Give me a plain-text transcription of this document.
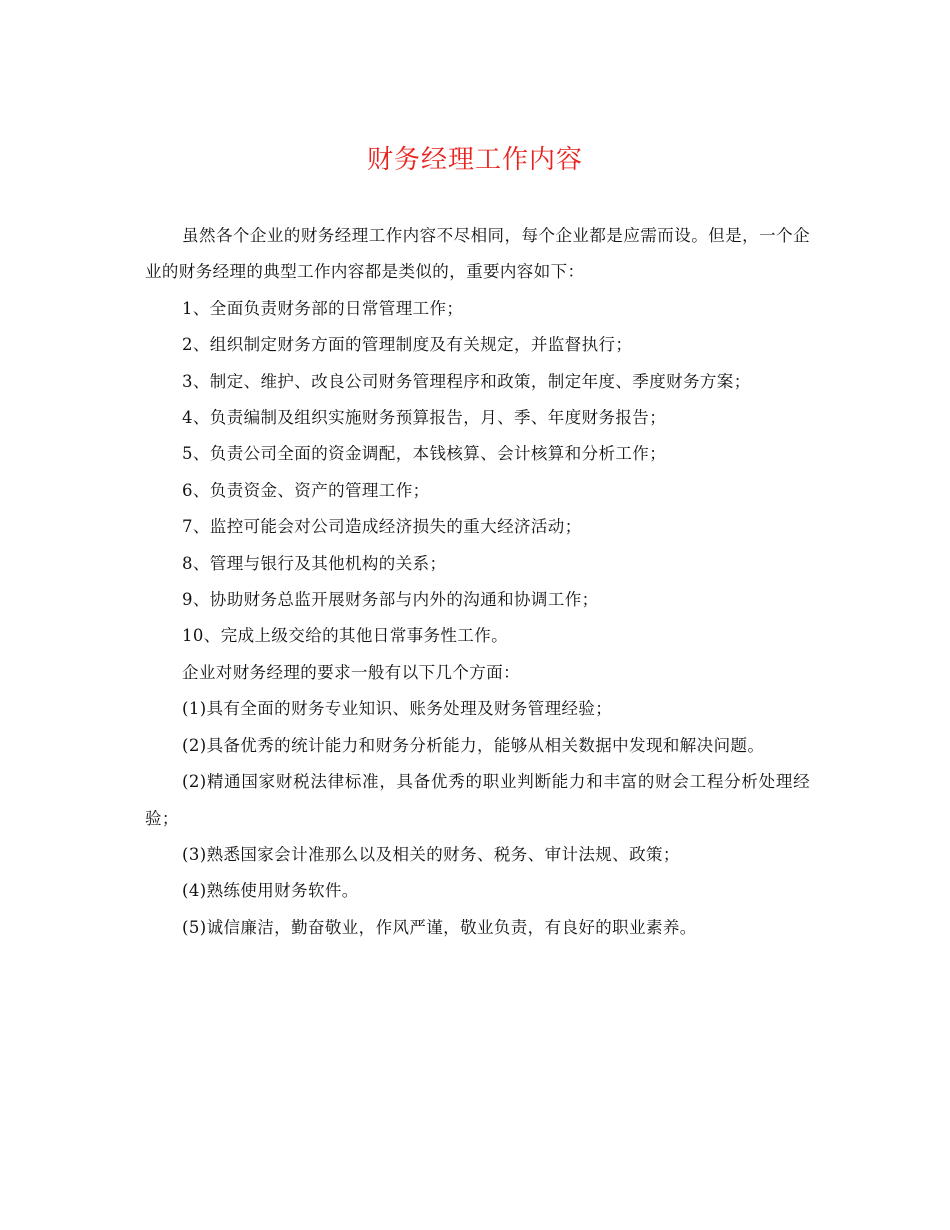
财务经理工作内容

虽然各个企业的财务经理工作内容不尽相同，每个企业都是应需而设。但是，一个企业的财务经理的典型工作内容都是类似的，重要内容如下：

1、全面负责财务部的日常管理工作；

2、组织制定财务方面的管理制度及有关规定，并监督执行；

3、制定、维护、改良公司财务管理程序和政策，制定年度、季度财务方案；

4、负责编制及组织实施财务预算报告，月、季、年度财务报告；

5、负责公司全面的资金调配，本钱核算、会计核算和分析工作；

6、负责资金、资产的管理工作；

7、监控可能会对公司造成经济损失的重大经济活动；

8、管理与银行及其他机构的关系；

9、协助财务总监开展财务部与内外的沟通和协调工作；

10、完成上级交给的其他日常事务性工作。

企业对财务经理的要求一般有以下几个方面：

(1)具有全面的财务专业知识、账务处理及财务管理经验；

(2)具备优秀的统计能力和财务分析能力，能够从相关数据中发现和解决问题。

(2)精通国家财税法律标准，具备优秀的职业判断能力和丰富的财会工程分析处理经验；

(3)熟悉国家会计准那么以及相关的财务、税务、审计法规、政策；

(4)熟练使用财务软件。

(5)诚信廉洁，勤奋敬业，作风严谨，敬业负责，有良好的职业素养。
